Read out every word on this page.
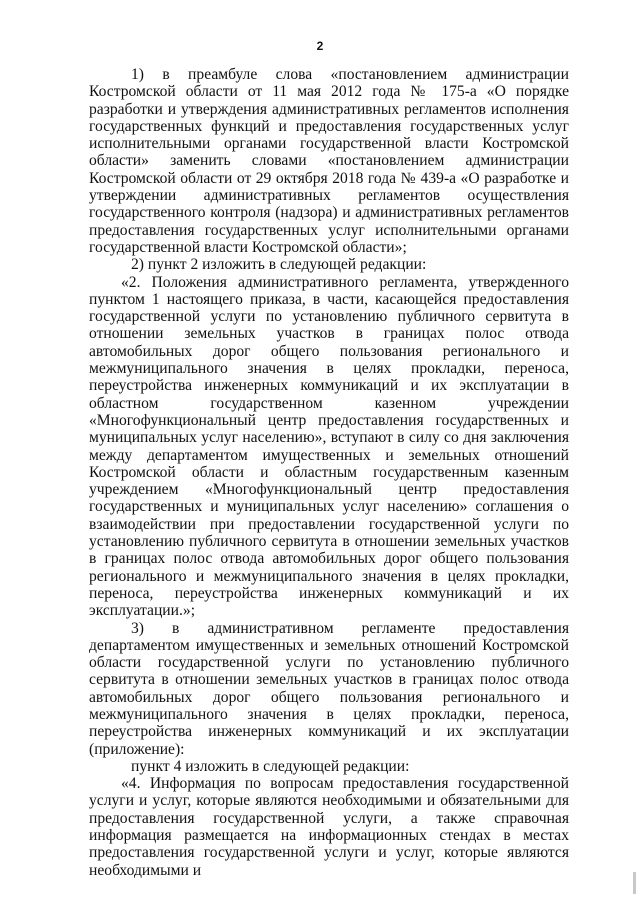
2

1) в преамбуле слова «постановлением администрации Костромской области от 11 мая 2012 года № 175-а «О порядке разработки и утверждения административных регламентов исполнения государственных функций и предоставления государственных услуг исполнительными органами государственной власти Костромской области» заменить словами «постановлением администрации Костромской области от 29 октября 2018 года № 439-а «О разработке и утверждении административных регламентов осуществления государственного контроля (надзора) и административных регламентов предоставления государственных услуг исполнительными органами государственной власти Костромской области»;

2) пункт 2 изложить в следующей редакции:

«2. Положения административного регламента, утвержденного пунктом 1 настоящего приказа, в части, касающейся предоставления государственной услуги по установлению публичного сервитута в отношении земельных участков в границах полос отвода автомобильных дорог общего пользования регионального и межмуниципального значения в целях прокладки, переноса, переустройства инженерных коммуникаций и их эксплуатации в областном государственном казенном учреждении «Многофункциональный центр предоставления государственных и муниципальных услуг населению», вступают в силу со дня заключения между департаментом имущественных и земельных отношений Костромской области и областным государственным казенным учреждением «Многофункциональный центр предоставления государственных и муниципальных услуг населению» соглашения о взаимодействии при предоставлении государственной услуги по установлению публичного сервитута в отношении земельных участков в границах полос отвода автомобильных дорог общего пользования регионального и межмуниципального значения в целях прокладки, переноса, переустройства инженерных коммуникаций и их эксплуатации.»;

3) в административном регламенте предоставления департаментом имущественных и земельных отношений Костромской области государственной услуги по установлению публичного сервитута в отношении земельных участков в границах полос отвода автомобильных дорог общего пользования регионального и межмуниципального значения в целях прокладки, переноса, переустройства инженерных коммуникаций и их эксплуатации (приложение):

пункт 4 изложить в следующей редакции:

«4. Информация по вопросам предоставления государственной услуги и услуг, которые являются необходимыми и обязательными для предоставления государственной услуги, а также справочная информация размещается на информационных стендах в местах предоставления государственной услуги и услуг, которые являются необходимыми и
